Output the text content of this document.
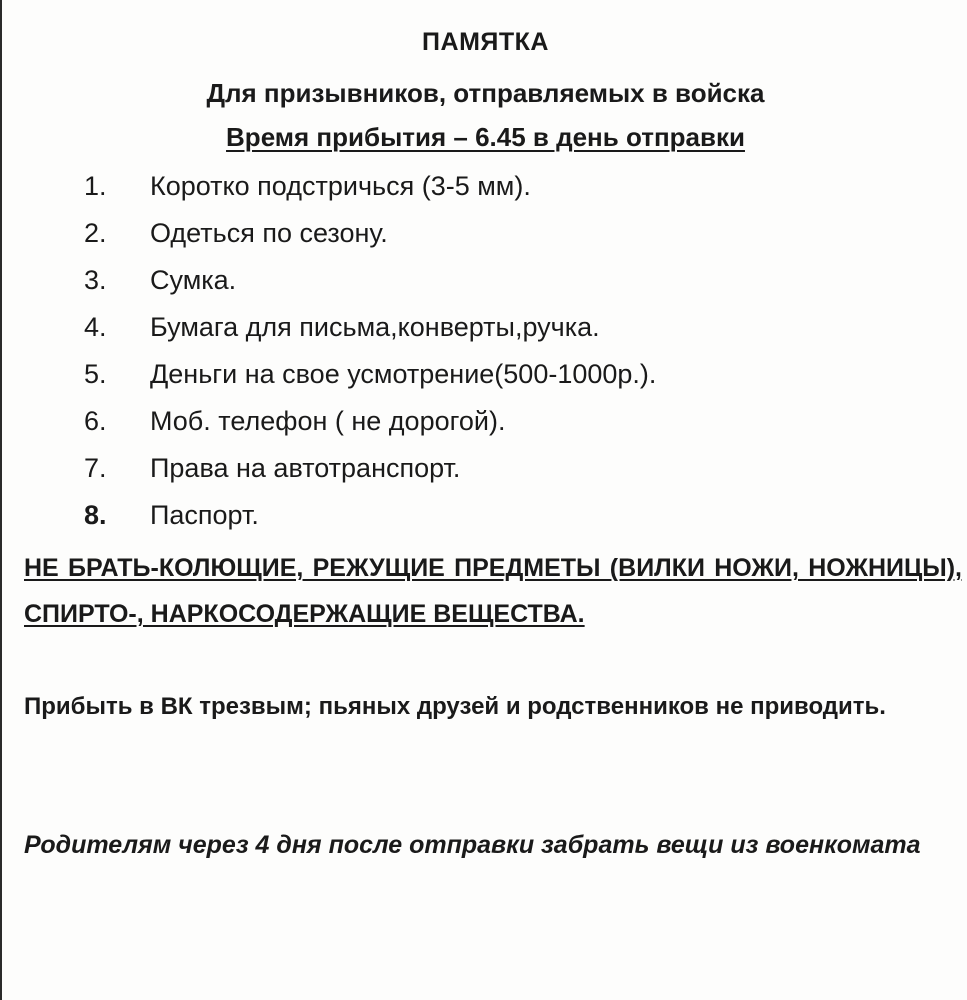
ПАМЯТКА
Для призывников, отправляемых в войска
Время прибытия – 6.45 в день отправки
1.	Коротко подстричься (3-5 мм).
2.	Одеться по сезону.
3.	Сумка.
4.	Бумага для письма,конверты,ручка.
5.	Деньги на свое усмотрение(500-1000р.).
6.	Моб. телефон ( не дорогой).
7.	Права на автотранспорт.
8.	Паспорт.

НЕ БРАТЬ-КОЛЮЩИЕ, РЕЖУЩИЕ ПРЕДМЕТЫ (ВИЛКИ НОЖИ, НОЖНИЦЫ), СПИРТО-, НАРКОСОДЕРЖАЩИЕ ВЕЩЕСТВА.

Прибыть в ВК трезвым; пьяных друзей и родственников не приводить.

Родителям через 4 дня после отправки забрать вещи из военкомата
